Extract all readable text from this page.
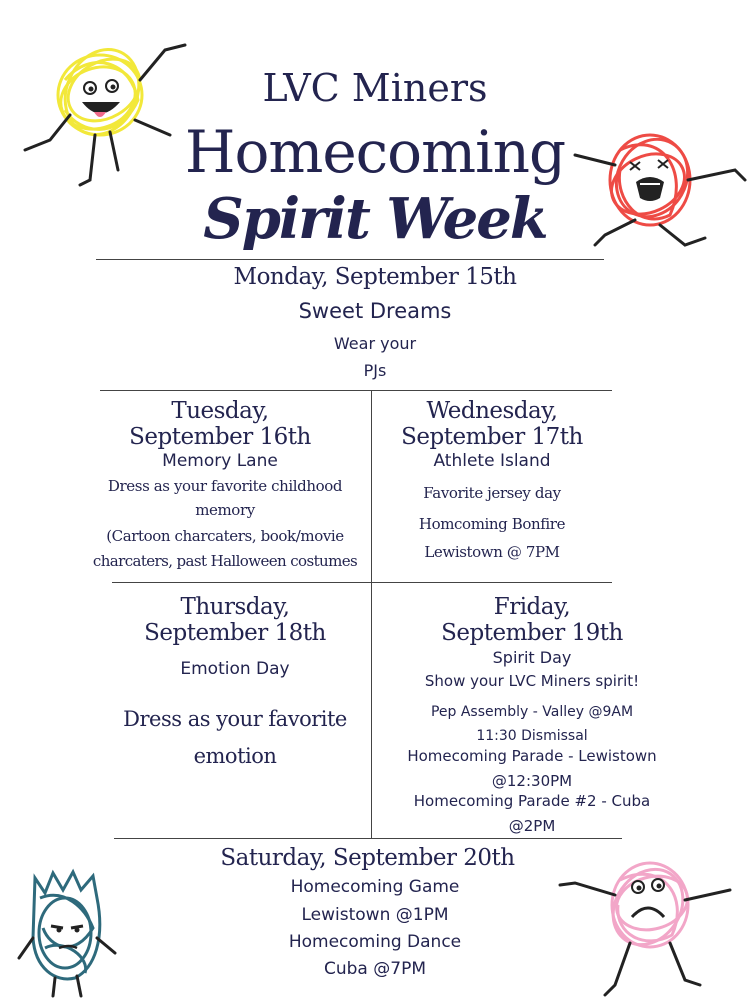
LVC Miners
Homecoming
Spirit Week
Monday, September 15th
Sweet Dreams
Wear your
PJs
Tuesday,
September 16th
Memory Lane
Dress as your favorite childhood
memory
(Cartoon charcaters, book/movie
charcaters, past Halloween costumes
Wednesday,
September 17th
Athlete Island
Favorite jersey day
Homcoming Bonfire
Lewistown @ 7PM
Thursday,
September 18th
Emotion Day
Dress as your favorite
emotion
Friday,
September 19th
Spirit Day
Show your LVC Miners spirit!
Pep Assembly - Valley @9AM
11:30 Dismissal
Homecoming Parade - Lewistown
@12:30PM
Homecoming Parade #2 - Cuba
@2PM
Saturday, September 20th
Homecoming Game
Lewistown @1PM
Homecoming Dance
Cuba @7PM
